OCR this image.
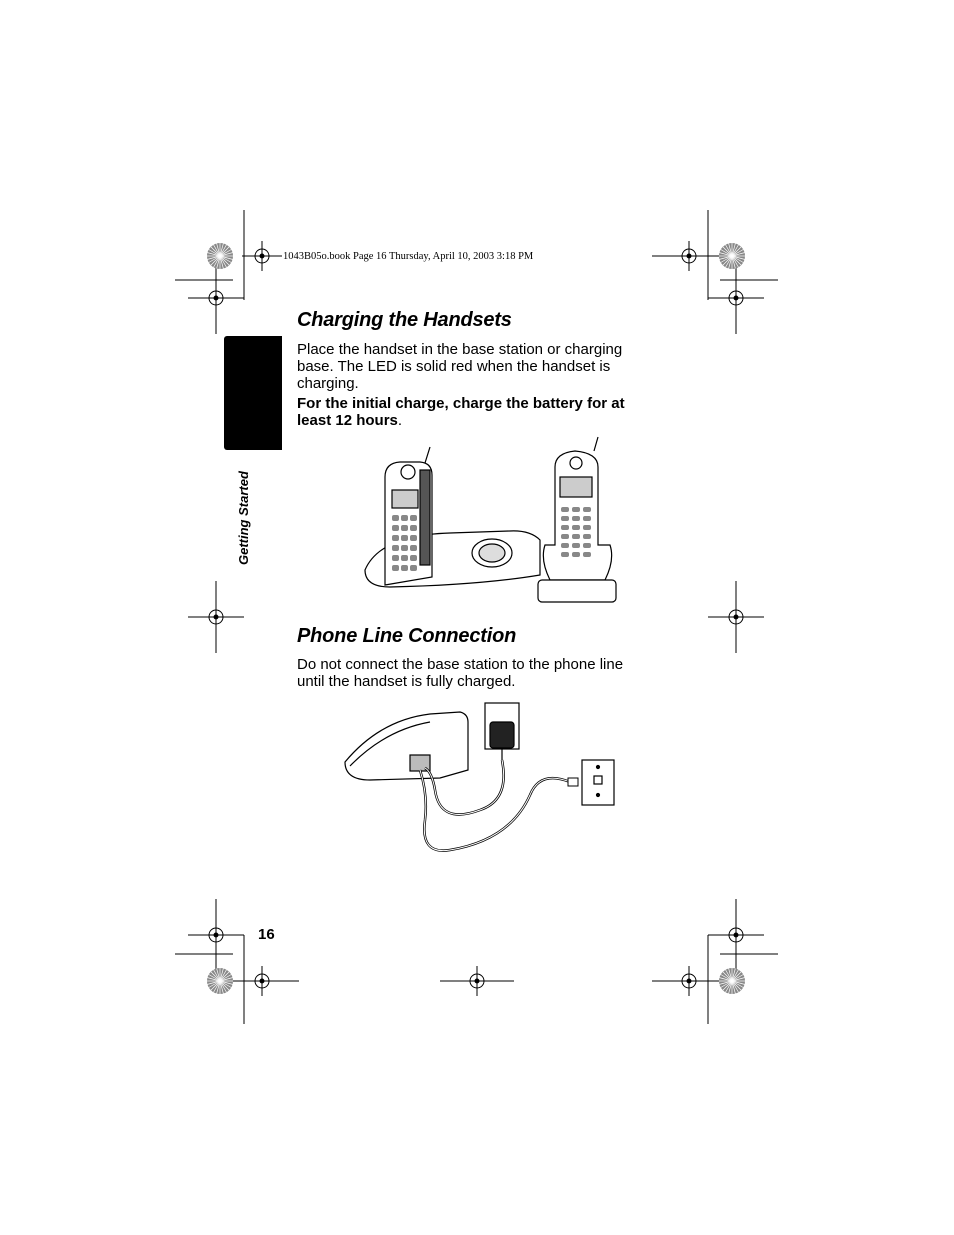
1043B05o.book Page 16 Thursday, April 10, 2003 3:18 PM
Getting Started
Charging the Handsets
Place the handset in the base station or charging base. The LED is solid red when the handset is charging.
For the initial charge, charge the battery for at least 12 hours.
Phone Line Connection
Do not connect the base station to the phone line until the handset is fully charged.
16
